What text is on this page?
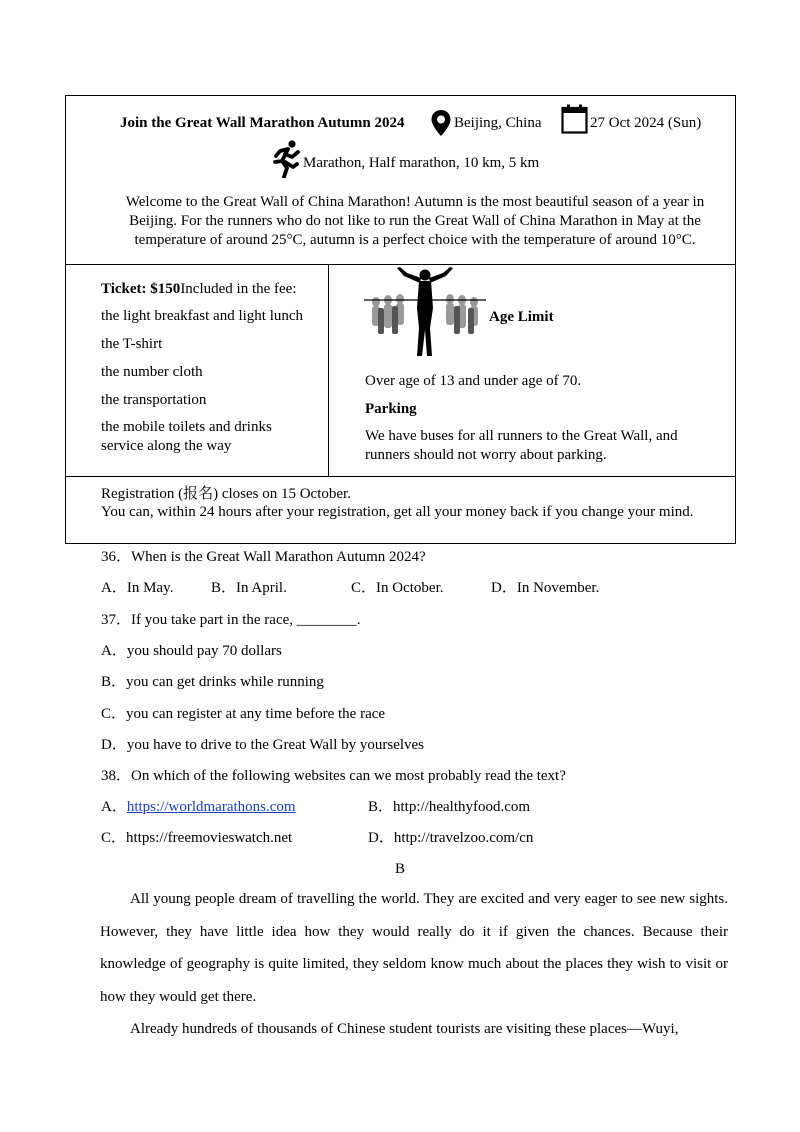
Join the Great Wall Marathon Autumn 2024	Beijing, China	27 Oct 2024 (Sun)
Marathon, Half marathon, 10 km, 5 km
Welcome to the Great Wall of China Marathon! Autumn is the most beautiful season of a year in Beijing. For the runners who do not like to run the Great Wall of China Marathon in May at the temperature of around 25°C, autumn is a perfect choice with the temperature of around 10°C.
Ticket: $150Included in the fee:
the light breakfast and light lunch
the T-shirt
the number cloth
the transportation
the mobile toilets and drinks service along the way
Age Limit
Over age of 13 and under age of 70.
Parking
We have buses for all runners to the Great Wall, and runners should not worry about parking.
Registration (报名) closes on 15 October.
You can, within 24 hours after your registration, get all your money back if you change your mind.
36．When is the Great Wall Marathon Autumn 2024?
A．In May.	B．In April.	C．In October.	D．In November.
37．If you take part in the race, ________.
A．you should pay 70 dollars
B．you can get drinks while running
C．you can register at any time before the race
D．you have to drive to the Great Wall by yourselves
38．On which of the following websites can we most probably read the text?
A．https://worldmarathons.com	B．http://healthyfood.com
C．https://freemovieswatch.net	D．http://travelzoo.com/cn
B
All young people dream of travelling the world. They are excited and very eager to see new sights. However, they have little idea how they would really do it if given the chances. Because their knowledge of geography is quite limited, they seldom know much about the places they wish to visit or how they would get there.
Already hundreds of thousands of Chinese student tourists are visiting these places—Wuyi,
